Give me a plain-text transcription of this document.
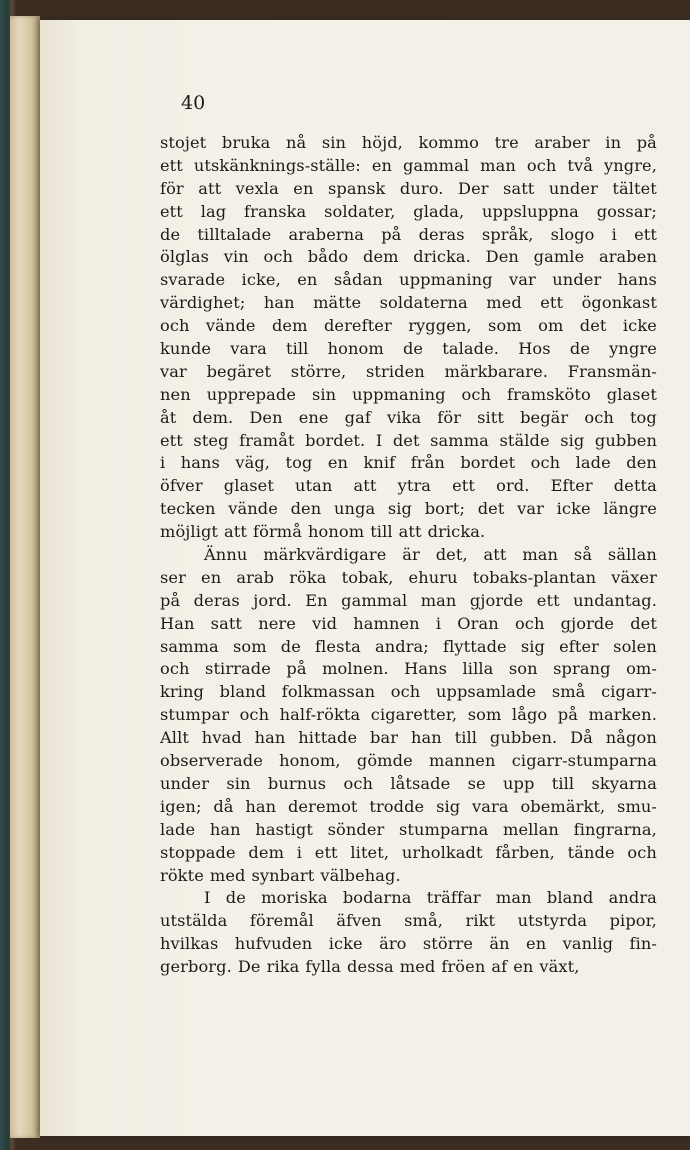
40
stojet bruka nå sin höjd, kommo tre araber in på
ett utskänknings-ställe: en gammal man och två yngre,
för att vexla en spansk duro. Der satt under tältet
ett lag franska soldater, glada, uppsluppna gossar;
de tilltalade araberna på deras språk, slogo i ett
ölglas vin och bådo dem dricka. Den gamle araben
svarade icke, en sådan uppmaning var under hans
värdighet; han mätte soldaterna med ett ögonkast
och vände dem derefter ryggen, som om det icke
kunde vara till honom de talade. Hos de yngre
var begäret större, striden märkbarare. Fransmän-
nen upprepade sin uppmaning och framsköto glaset
åt dem. Den ene gaf vika för sitt begär och tog
ett steg framåt bordet. I det samma stälde sig gubben
i hans väg, tog en knif från bordet och lade den
öfver glaset utan att ytra ett ord. Efter detta
tecken vände den unga sig bort; det var icke längre
möjligt att förmå honom till att dricka.
Ännu märkvärdigare är det, att man så sällan
ser en arab röka tobak, ehuru tobaks-plantan växer
på deras jord. En gammal man gjorde ett undantag.
Han satt nere vid hamnen i Oran och gjorde det
samma som de flesta andra; flyttade sig efter solen
och stirrade på molnen. Hans lilla son sprang om-
kring bland folkmassan och uppsamlade små cigarr-
stumpar och half-rökta cigaretter, som lågo på marken.
Allt hvad han hittade bar han till gubben. Då någon
observerade honom, gömde mannen cigarr-stumparna
under sin burnus och låtsade se upp till skyarna
igen; då han deremot trodde sig vara obemärkt, smu-
lade han hastigt sönder stumparna mellan fingrarna,
stoppade dem i ett litet, urholkadt fårben, tände och
rökte med synbart välbehag.
I de moriska bodarna träffar man bland andra
utstälda föremål äfven små, rikt utstyrda pipor,
hvilkas hufvuden icke äro större än en vanlig fin-
gerborg. De rika fylla dessa med fröen af en växt,
